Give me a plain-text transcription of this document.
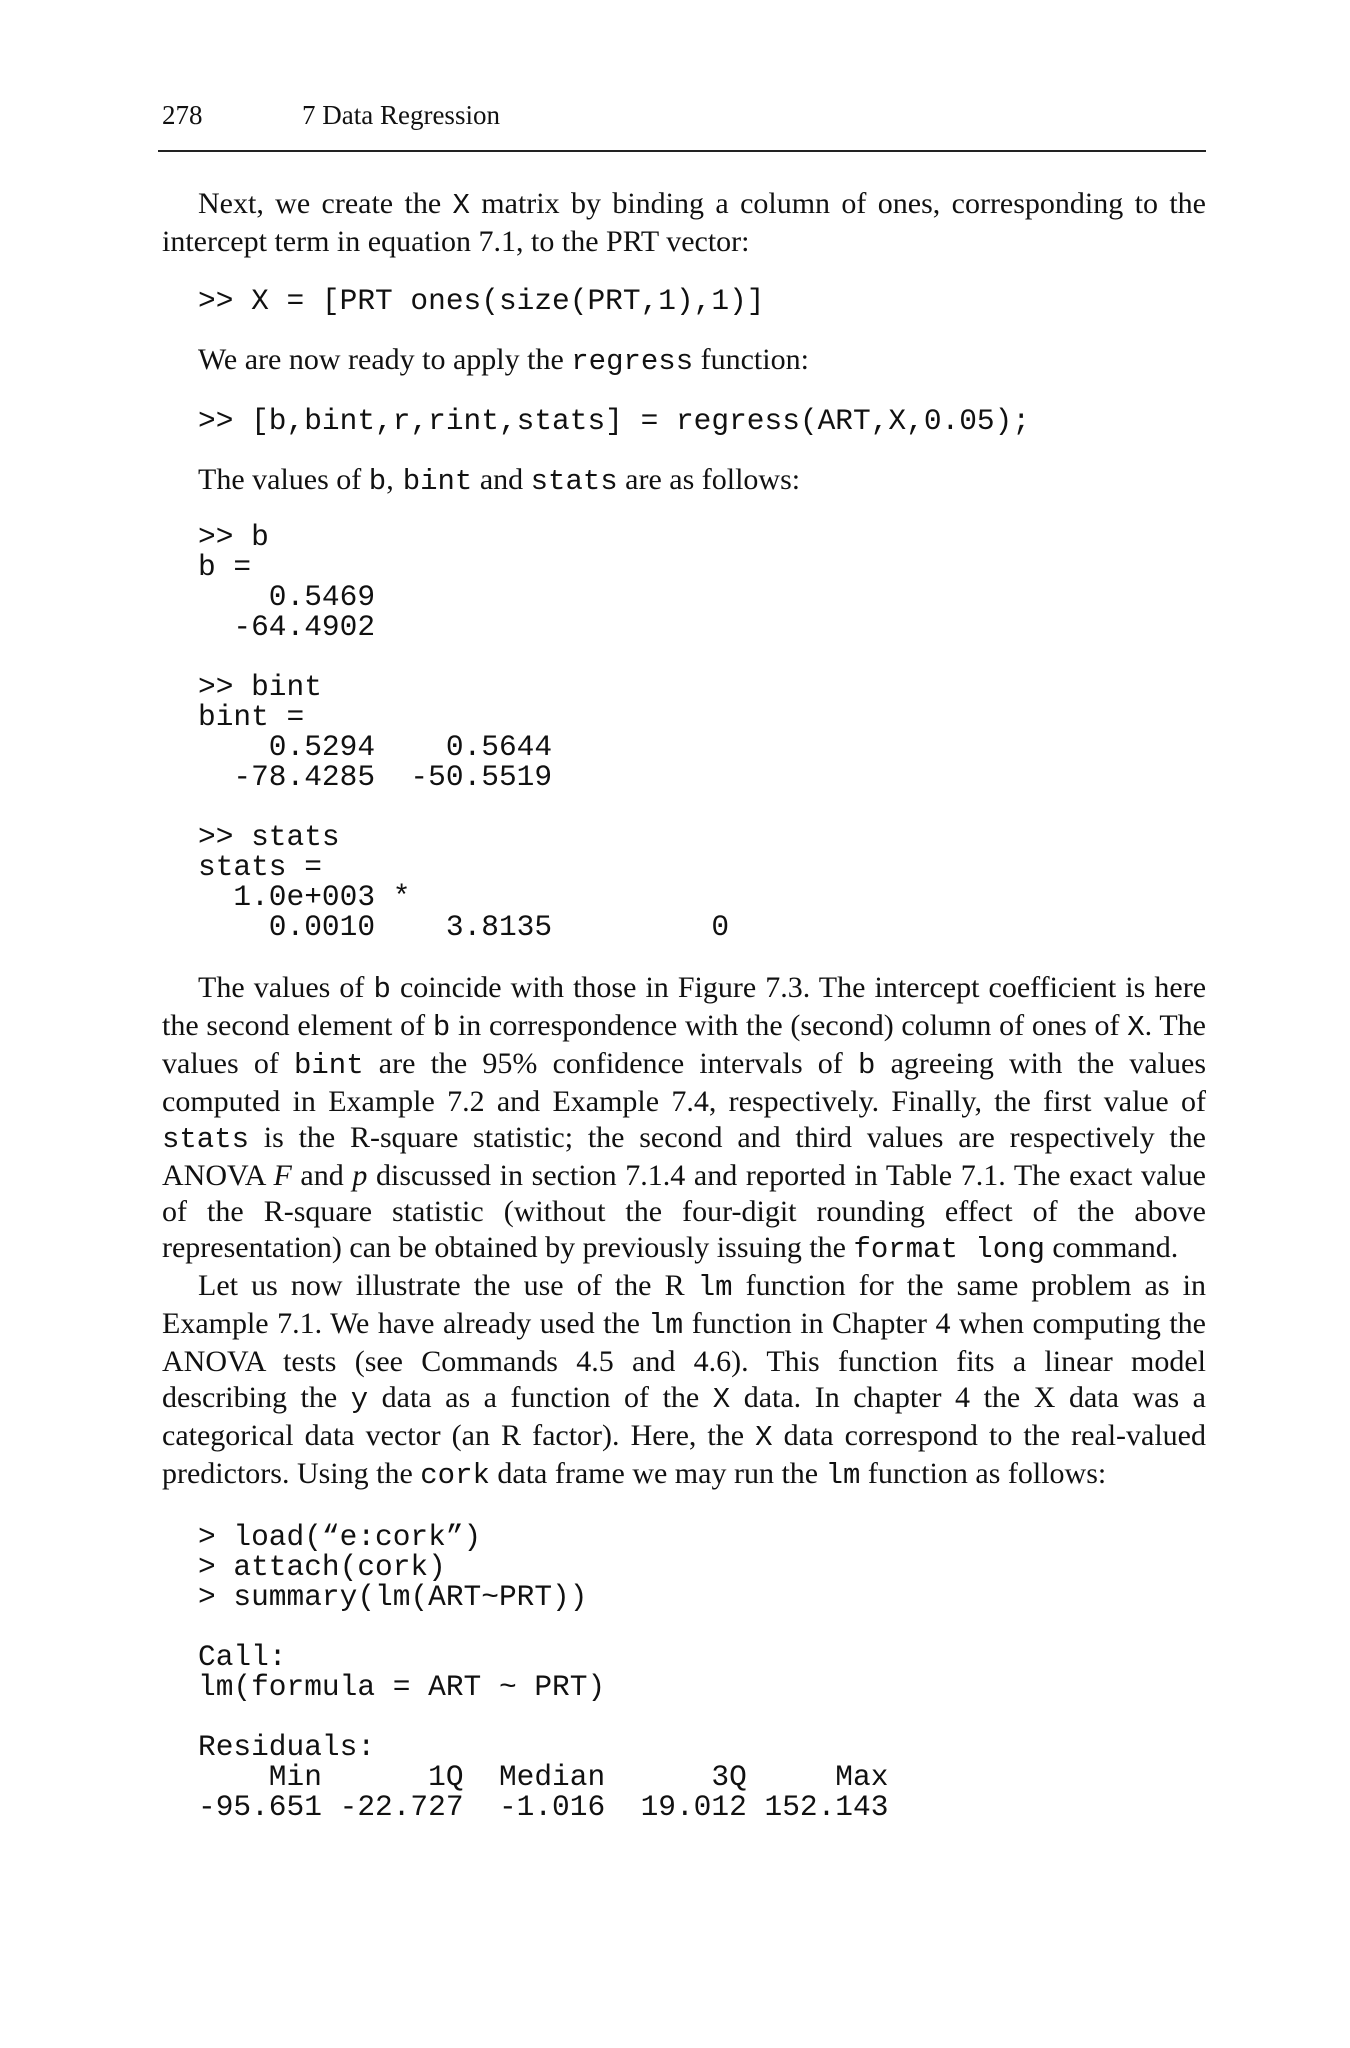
278	7 Data Regression

Next, we create the X matrix by binding a column of ones, corresponding to the intercept term in equation 7.1, to the PRT vector:

>> X = [PRT ones(size(PRT,1),1)]

We are now ready to apply the regress function:

>> [b,bint,r,rint,stats] = regress(ART,X,0.05);

The values of b, bint and stats are as follows:

>> b
b =
0.5469
-64.4902
>> bint
bint =
0.5294    0.5644
-78.4285  -50.5519
>> stats
stats =
1.0e+003 *
0.0010    3.8135         0

The values of b coincide with those in Figure 7.3. The intercept coefficient is here the second element of b in correspondence with the (second) column of ones of X. The values of bint are the 95% confidence intervals of b agreeing with the values computed in Example 7.2 and Example 7.4, respectively. Finally, the first value of stats is the R-square statistic; the second and third values are respectively the ANOVA F and p discussed in section 7.1.4 and reported in Table 7.1. The exact value of the R-square statistic (without the four-digit rounding effect of the above representation) can be obtained by previously issuing the format long command.

Let us now illustrate the use of the R lm function for the same problem as in Example 7.1. We have already used the lm function in Chapter 4 when computing the ANOVA tests (see Commands 4.5 and 4.6). This function fits a linear model describing the y data as a function of the X data. In chapter 4 the X data was a categorical data vector (an R factor). Here, the X data correspond to the real-valued predictors. Using the cork data frame we may run the lm function as follows:

> load(“e:cork”)
> attach(cork)
> summary(lm(ART~PRT))
Call:
lm(formula = ART ~ PRT)
Residuals:
Min      1Q  Median      3Q     Max
-95.651 -22.727  -1.016  19.012 152.143
